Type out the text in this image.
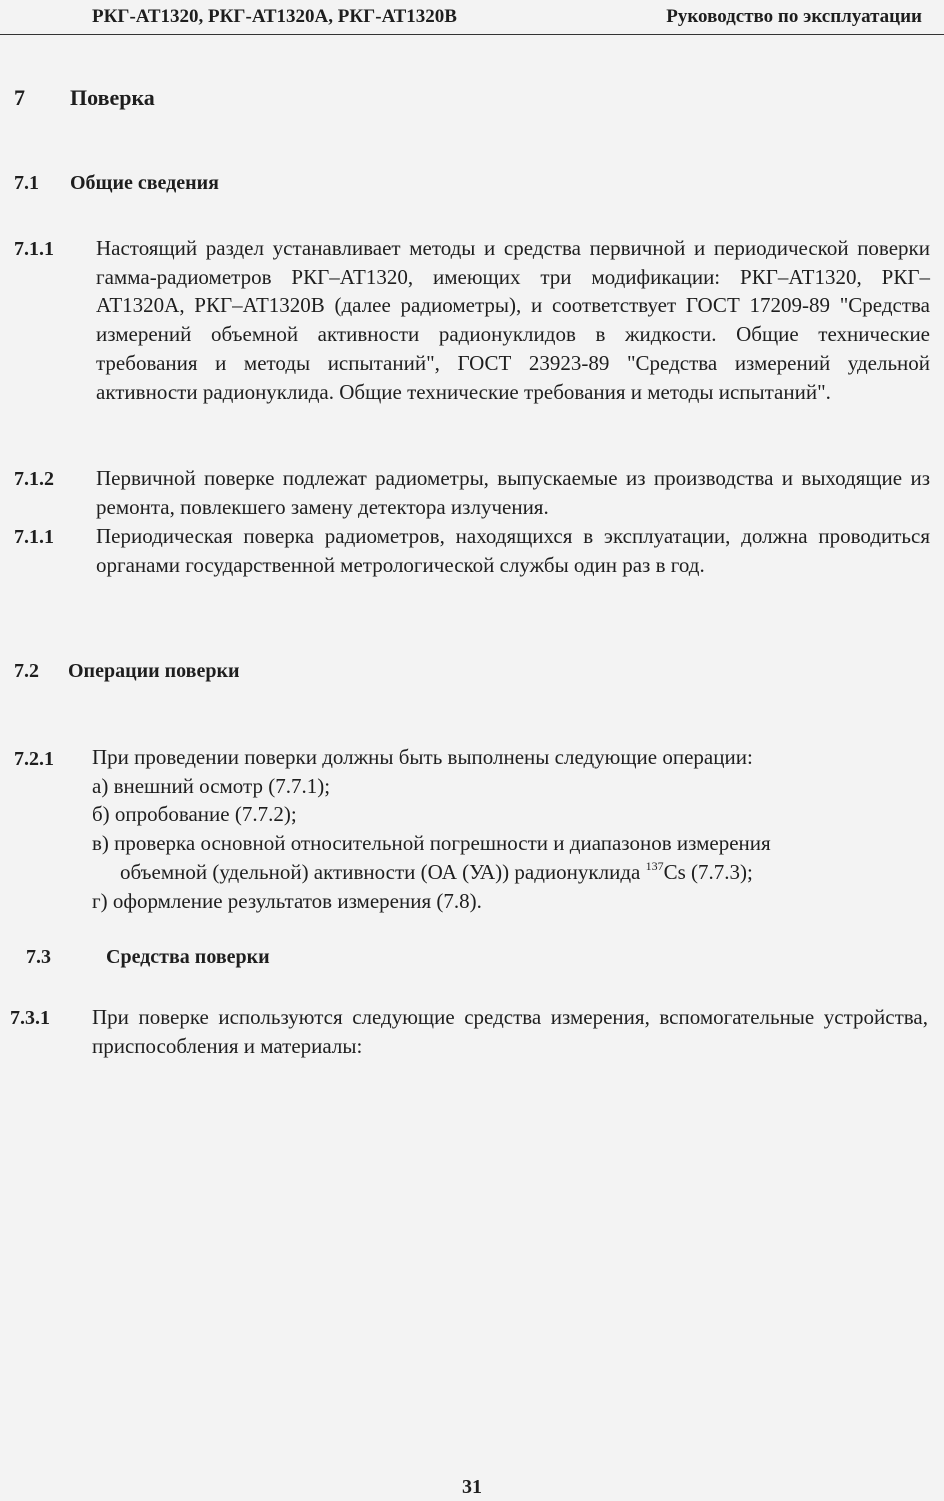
РКГ-АТ1320, РКГ-АТ1320А, РКГ-АТ1320В	Руководство по эксплуатации
7 Поверка
7.1 Общие сведения
7.1.1 Настоящий раздел устанавливает методы и средства первичной и периодической поверки гамма-радиометров РКГ–АТ1320, имеющих три модификации: РКГ–АТ1320, РКГ–АТ1320А, РКГ–АТ1320В (далее радиометры), и соответствует ГОСТ 17209-89 "Средства измерений объемной активности радионуклидов в жидкости. Общие технические требования и методы испытаний", ГОСТ 23923-89 "Средства измерений удельной активности радионуклида. Общие технические требования и методы испытаний".
7.1.2 Первичной поверке подлежат радиометры, выпускаемые из производства и выходящие из ремонта, повлекшего замену детектора излучения.
7.1.1 Периодическая поверка радиометров, находящихся в эксплуатации, должна проводиться органами государственной метрологической службы один раз в год.
7.2 Операции поверки
7.2.1 При проведении поверки должны быть выполнены следующие операции:
а) внешний осмотр (7.7.1);
б) опробование (7.7.2);
в) проверка основной относительной погрешности и диапазонов измерения
объемной (удельной) активности (ОА (УА)) радионуклида $^{137}$Cs (7.7.3);
г) оформление результатов измерения (7.8).
7.3	Средства поверки
7.3.1 При поверке используются следующие средства измерения, вспомогательные устройства, приспособления и материалы:
31
